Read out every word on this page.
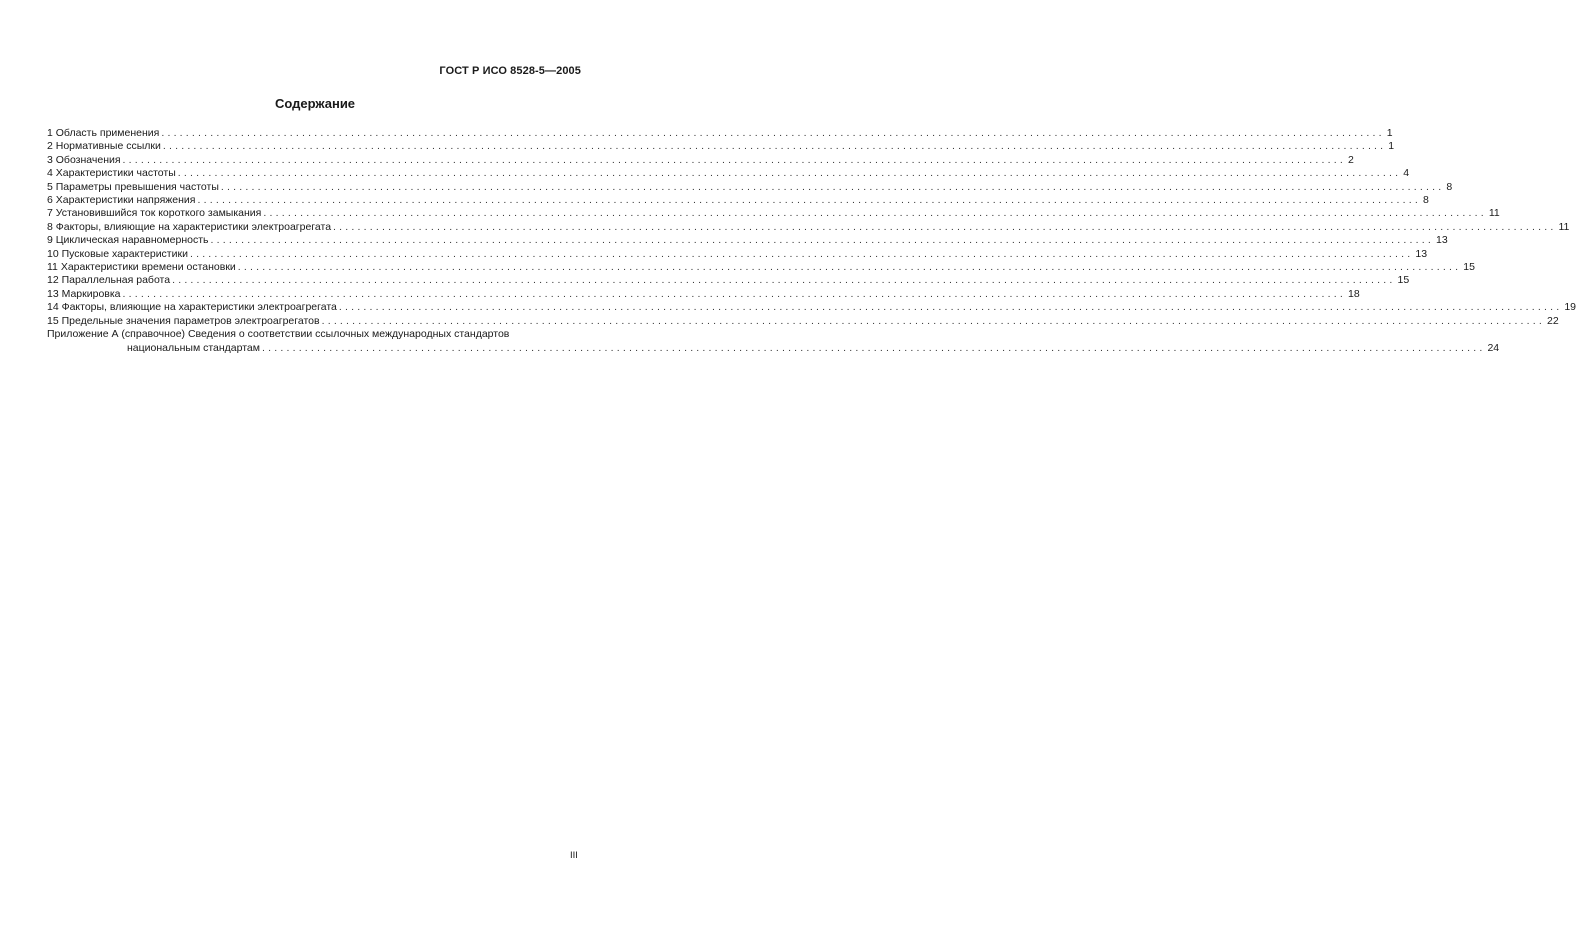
ГОСТ Р ИСО 8528-5—2005
Содержание
1 Область применения ........................................................................................................................................................................................................ 1
2 Нормативные ссылки ........................................................................................................................................................................................................ 1
3 Обозначения ........................................................................................................................................................................................................ 2
4 Характеристики частоты ........................................................................................................................................................................................................ 4
5 Параметры превышения частоты ........................................................................................................................................................................................................ 8
6 Характеристики напряжения ........................................................................................................................................................................................................ 8
7 Установившийся ток короткого замыкания ........................................................................................................................................................................................................ 11
8 Факторы, влияющие на характеристики электроагрегата ........................................................................................................................................................................................................ 11
9 Циклическая наравномерность ........................................................................................................................................................................................................ 13
10 Пусковые характеристики ........................................................................................................................................................................................................ 13
11 Характеристики времени остановки ........................................................................................................................................................................................................ 15
12 Параллельная работа ........................................................................................................................................................................................................ 15
13 Маркировка ........................................................................................................................................................................................................ 18
14 Факторы, влияющие на характеристики электроагрегата ........................................................................................................................................................................................................ 19
15 Предельные значения параметров электроагрегатов ........................................................................................................................................................................................................ 22
Приложение А (справочное) Сведения о соответствии ссылочных международных стандартов
национальным стандартам ........................................................................................................................................................................................................ 24
III
